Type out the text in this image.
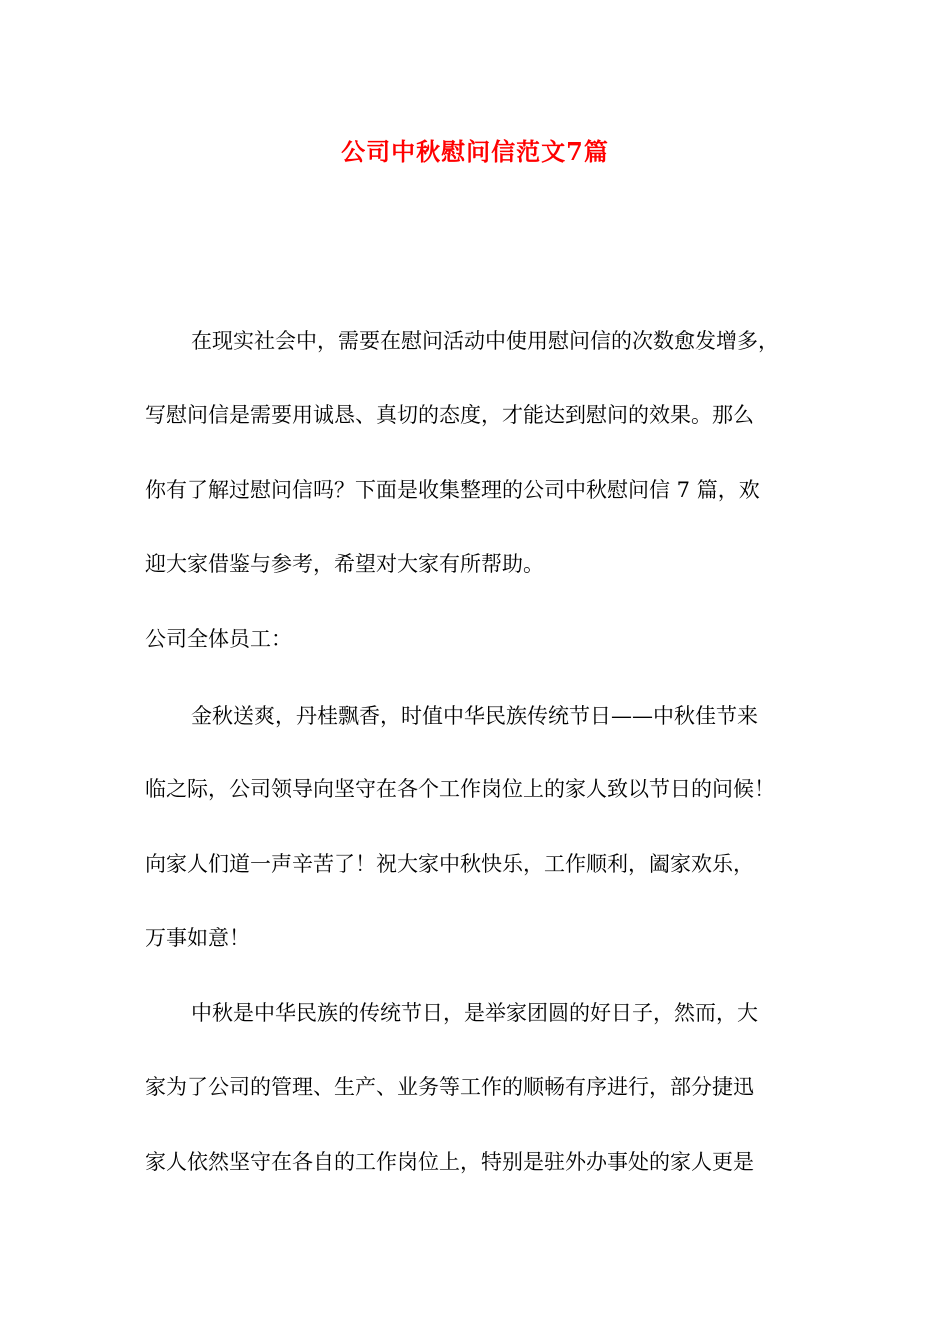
公司中秋慰问信范文7篇
在现实社会中，需要在慰问活动中使用慰问信的次数愈发增多，
写慰问信是需要用诚恳、真切的态度，才能达到慰问的效果。那么
你有了解过慰问信吗？下面是收集整理的公司中秋慰问信 7 篇，欢
迎大家借鉴与参考，希望对大家有所帮助。
公司全体员工：
金秋送爽，丹桂飘香，时值中华民族传统节日——中秋佳节来
临之际，公司领导向坚守在各个工作岗位上的家人致以节日的问候！
向家人们道一声辛苦了！祝大家中秋快乐，工作顺利，阖家欢乐，
万事如意！
中秋是中华民族的传统节日，是举家团圆的好日子，然而，大
家为了公司的管理、生产、业务等工作的顺畅有序进行，部分捷迅
家人依然坚守在各自的工作岗位上，特别是驻外办事处的家人更是
